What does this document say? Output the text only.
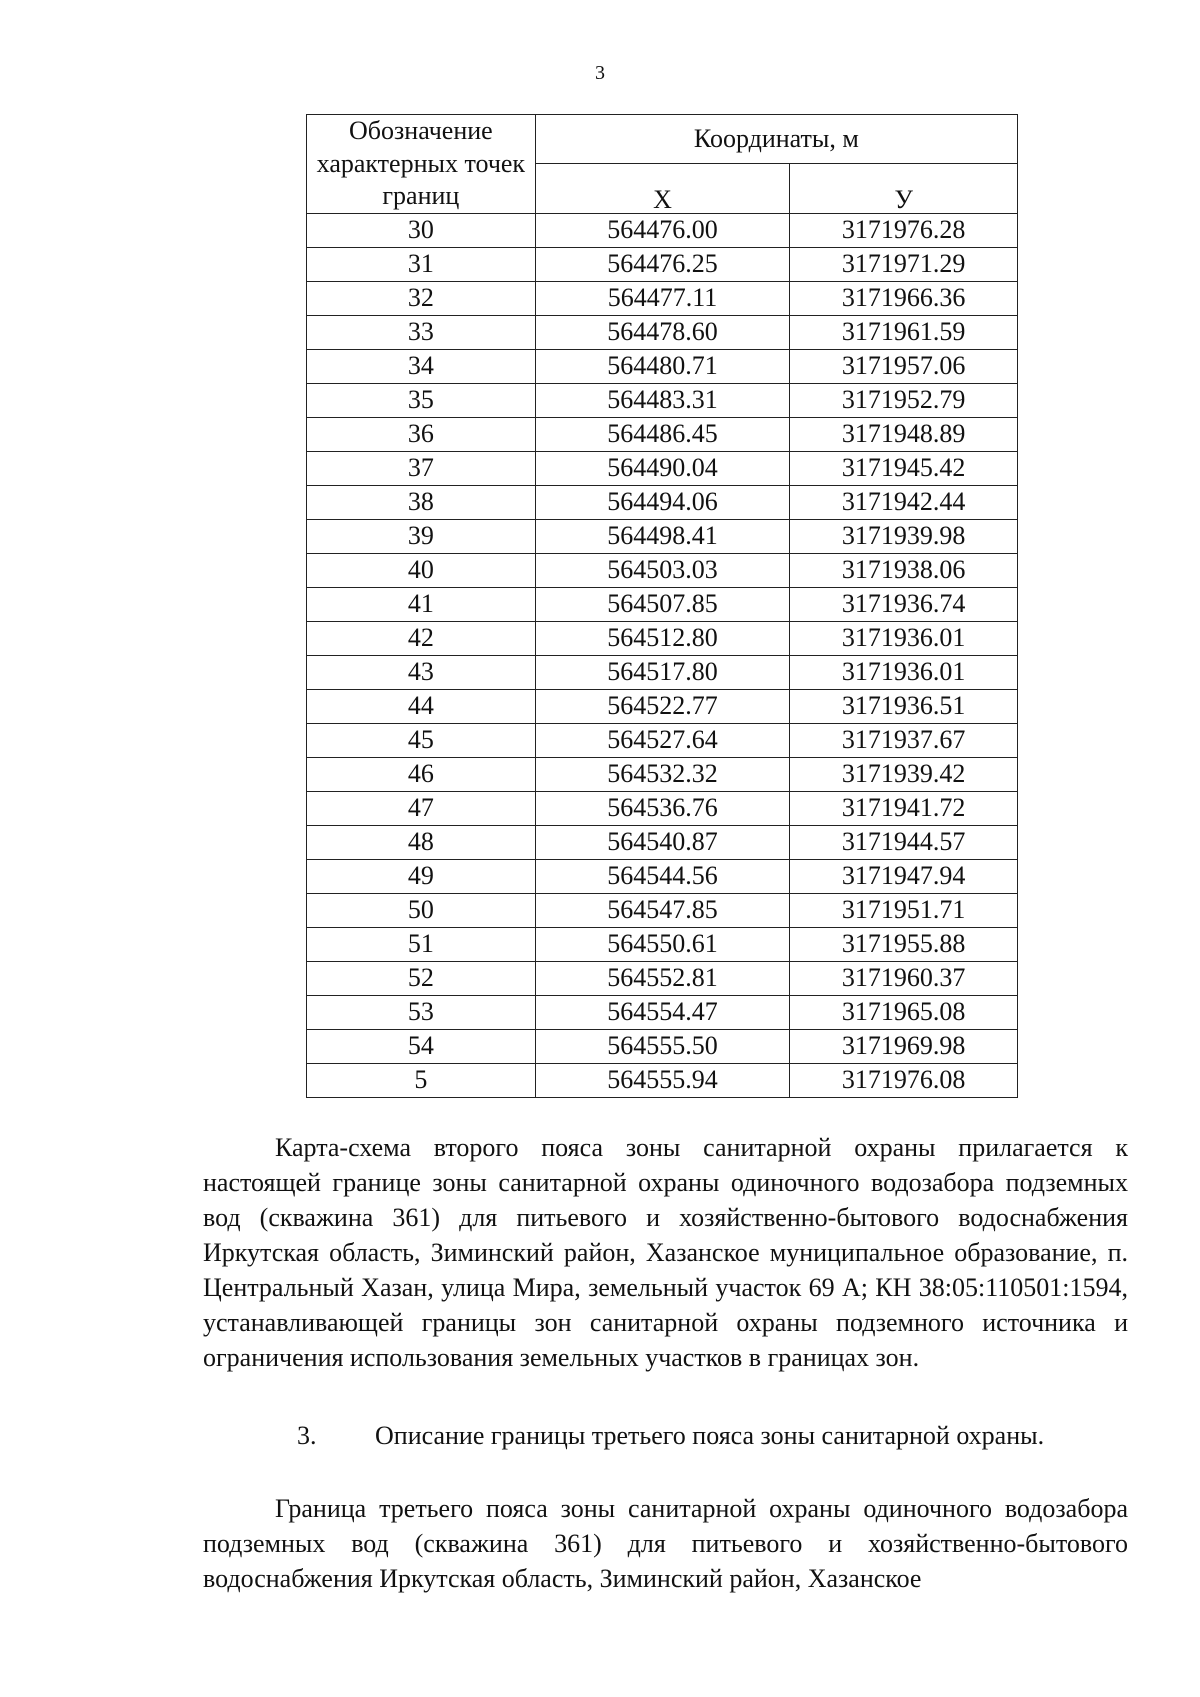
3
Обозначение характерных точек границ	Координаты, м	
	Х	У
30	564476.00	3171976.28
31	564476.25	3171971.29
32	564477.11	3171966.36
33	564478.60	3171961.59
34	564480.71	3171957.06
35	564483.31	3171952.79
36	564486.45	3171948.89
37	564490.04	3171945.42
38	564494.06	3171942.44
39	564498.41	3171939.98
40	564503.03	3171938.06
41	564507.85	3171936.74
42	564512.80	3171936.01
43	564517.80	3171936.01
44	564522.77	3171936.51
45	564527.64	3171937.67
46	564532.32	3171939.42
47	564536.76	3171941.72
48	564540.87	3171944.57
49	564544.56	3171947.94
50	564547.85	3171951.71
51	564550.61	3171955.88
52	564552.81	3171960.37
53	564554.47	3171965.08
54	564555.50	3171969.98
5	564555.94	3171976.08

Карта-схема второго пояса зоны санитарной охраны прилагается к настоящей границе зоны санитарной охраны одиночного водозабора подземных вод (скважина 361) для питьевого и хозяйственно-бытового водоснабжения Иркутская область, Зиминский район, Хазанское муниципальное образование, п. Центральный Хазан, улица Мира, земельный участок 69 А; КН 38:05:110501:1594, устанавливающей границы зон санитарной охраны подземного источника и ограничения использования земельных участков в границах зон.

3. Описание границы третьего пояса зоны санитарной охраны.

Граница третьего пояса зоны санитарной охраны одиночного водозабора подземных вод (скважина 361) для питьевого и хозяйственно-бытового водоснабжения Иркутская область, Зиминский район, Хазанское
